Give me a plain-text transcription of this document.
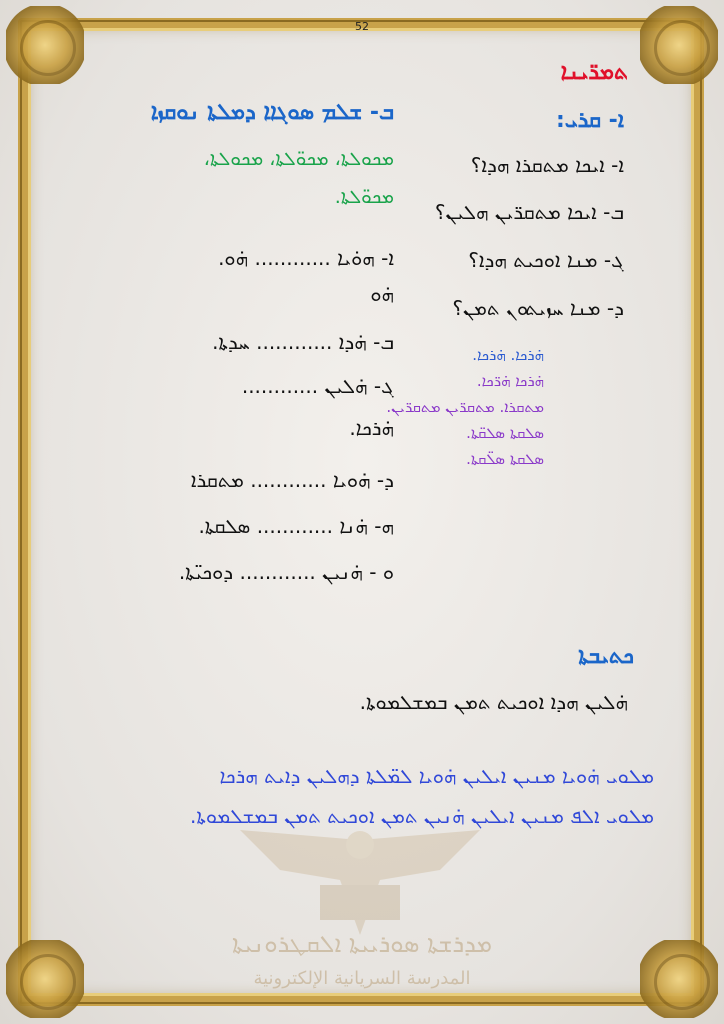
52
ܬܡܪ̈ܝܢܐ
ܐ- ܩܪܝ:
ܐ- ܐܝܟܐ ܡܬܩܪܐ ܗܕܐ؟
ܒ- ܐܝܟܐ ܡܬܩܪ̈ܝܢ ܗܠܝܢ؟
ܓ- ܡܢܐ ܐܘܟܝܬ ܗܕܐ؟
ܕ- ܡܢܐ ܚܙܝܬܘܢ ܬܡܢ؟
ܗ̇ܪܟܐ. ܗ̇ܪܟܐ.
ܗ̇ܪܟܐ ܗ̇ܪ̈ܟܐ.
ܡܬܩܪܐ. ܡܬܩܪ̈ܝܢ ܡܬܩܪ̈ܝܢ.
ܣܠܩܬܐ ܣܠܩ̈ܬܐ.
ܣܠܩܬܐ ܣܠ̈ܩܬܐ.
ܒ- ܫܠܡ ܣܘܓܐܐ ܕܡܠܬܐ ܢܘܩܙܐ
ܡܟܘܠܬܐ، ܡܟܘ̈ܠܬܐ، ܡܟܘܠܬܐ،
ܡܟܘ̈ܠܬܐ.
ܐ- ܗܘ̇ܝܐ ............ ܗ̇ܘ.
ܗ̇ܘ
ܒ- ܗ̇ܕܐ ............ ܚܕܬܐ.
ܓ- ܗ̇ܠܝܢ ............
ܗ̇ܪܟܐ.
ܕ- ܗ̇ܘܝܐ ............ ܡܬܩܪܐ
ܗ- ܗ̇ܢܐ ............ ܣܠܩܬܐ.
ܘ - ܗ̇ܢܝܢ ............ ܕܘܟܝ̈ܬܐ.
ܟܬܝܒܬܐ
ܗ̇ܠܝܢ ܗܕܐ ܐܘܟܝܬ ܬܡܢ ܒܡܫܠܡܘܬܐ.
ܡܠܘܝ ܗ̇ܘܝܐ ܡܢܝܢ ܐܝܠܝܢ ܗ̇ܘܝܐ ܠܡ̈ܠܬܐ ܕܗܠܝܢ ܕܐܝܬ ܗܪܟܐ
ܡܠܘܝ ܐܠܦ ܡܢܝܢ ܐܝܠܝܢ ܗ̇ܢܝܢ ܬܡܢ ܐܘܟܝܬ ܬܡܢ ܒܡܫܠܡܘܬܐ.
ܡܕܪܫܬܐ ܣܘܪܝܝܬܐ ܐܠܩܛܪܘܢܝܬܐ
المدرسة السريانية الإلكترونية
